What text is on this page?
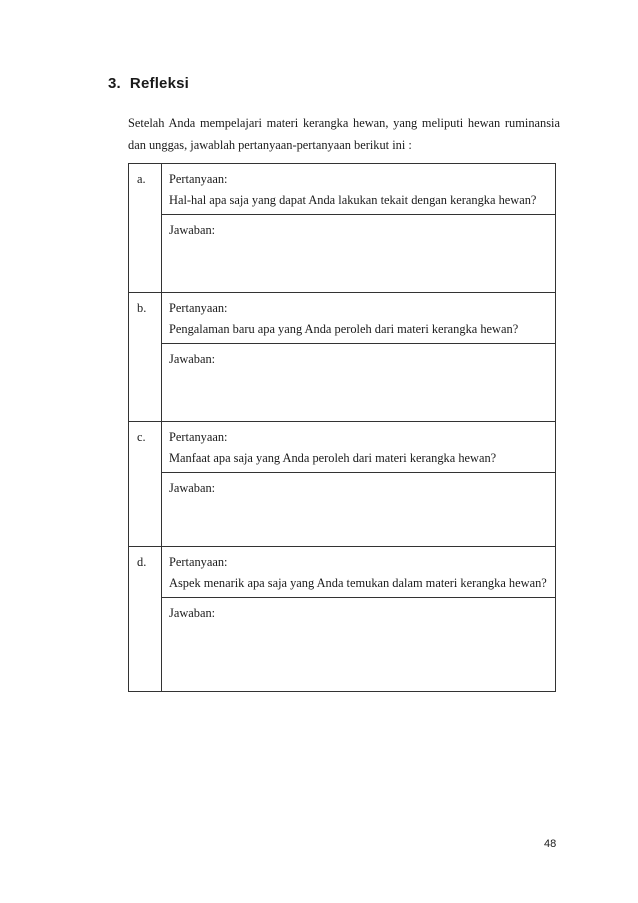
3. Refleksi
Setelah Anda mempelajari materi kerangka hewan, yang meliputi hewan ruminansia dan unggas, jawablah pertanyaan-pertanyaan berikut ini :
a.	Pertanyaan:
Hal-hal apa saja yang dapat Anda lakukan tekait dengan kerangka hewan?

	Jawaban:
b.	Pertanyaan:
Pengalaman baru apa yang Anda peroleh dari materi kerangka hewan?

	Jawaban:
c.	Pertanyaan:
Manfaat apa saja yang Anda peroleh dari materi kerangka hewan?

	Jawaban:
d.	Pertanyaan:
Aspek menarik apa saja yang Anda temukan dalam materi kerangka hewan?

	Jawaban:
48
